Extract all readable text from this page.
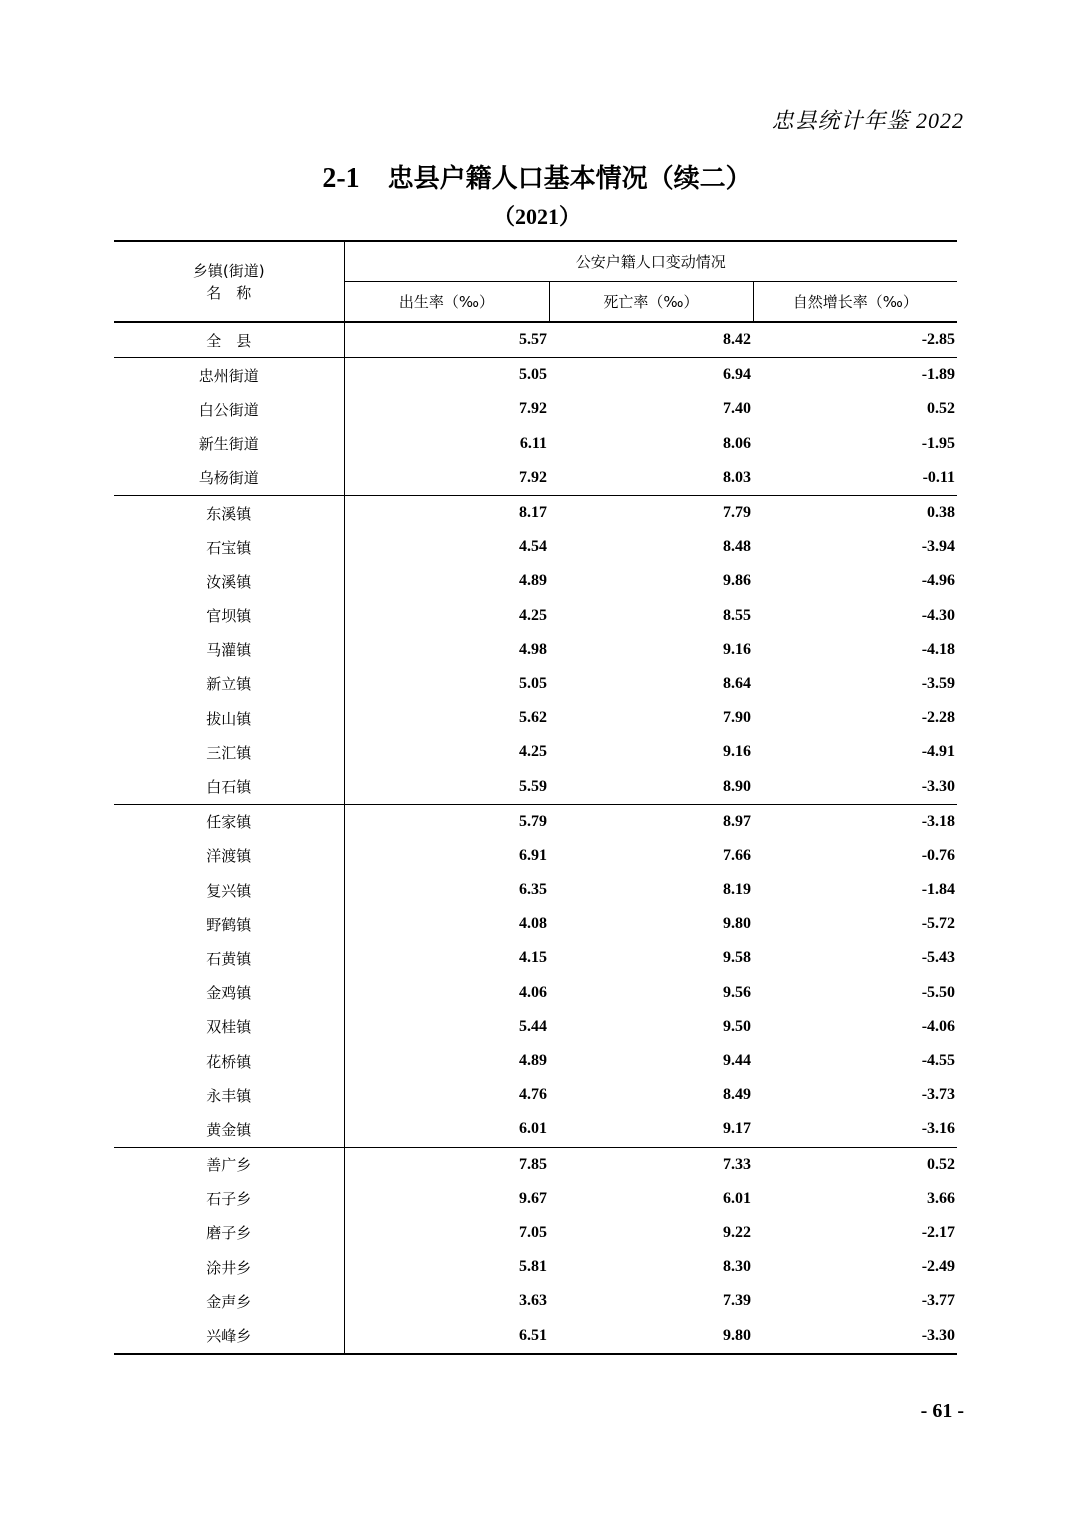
忠县统计年鉴 2022
2-1 忠县户籍人口基本情况（续二）
（2021）
乡镇(街道)
名　称	公安户籍人口变动情况		
	出生率（‰）	死亡率（‰）	自然增长率（‰）
全　县	5.57	8.42	-2.85
忠州街道	5.05	6.94	-1.89
白公街道	7.92	7.40	0.52
新生街道	6.11	8.06	-1.95
乌杨街道	7.92	8.03	-0.11
东溪镇	8.17	7.79	0.38
石宝镇	4.54	8.48	-3.94
汝溪镇	4.89	9.86	-4.96
官坝镇	4.25	8.55	-4.30
马灌镇	4.98	9.16	-4.18
新立镇	5.05	8.64	-3.59
拔山镇	5.62	7.90	-2.28
三汇镇	4.25	9.16	-4.91
白石镇	5.59	8.90	-3.30
任家镇	5.79	8.97	-3.18
洋渡镇	6.91	7.66	-0.76
复兴镇	6.35	8.19	-1.84
野鹤镇	4.08	9.80	-5.72
石黄镇	4.15	9.58	-5.43
金鸡镇	4.06	9.56	-5.50
双桂镇	5.44	9.50	-4.06
花桥镇	4.89	9.44	-4.55
永丰镇	4.76	8.49	-3.73
黄金镇	6.01	9.17	-3.16
善广乡	7.85	7.33	0.52
石子乡	9.67	6.01	3.66
磨子乡	7.05	9.22	-2.17
涂井乡	5.81	8.30	-2.49
金声乡	3.63	7.39	-3.77
兴峰乡	6.51	9.80	-3.30
- 61 -
